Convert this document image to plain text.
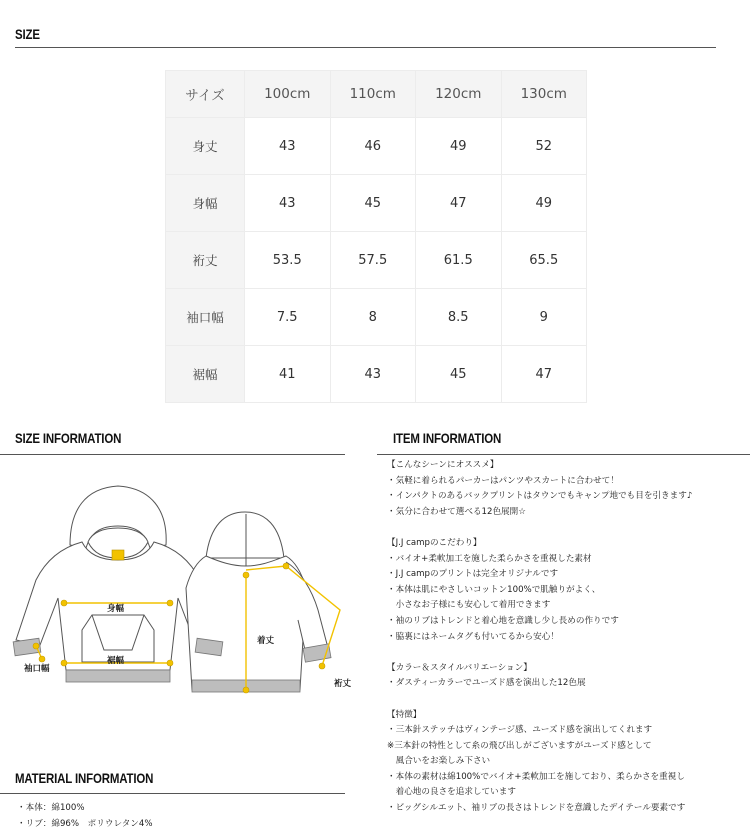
SIZE
サイズ	100cm	110cm	120cm	130cm
身丈	43	46	49	52
身幅	43	45	47	49
裄丈	53.5	57.5	61.5	65.5
袖口幅	7.5	8	8.5	9
裾幅	41	43	45	47
SIZE INFORMATION
身幅
裾幅
袖口幅
着丈
裄丈
ITEM INFORMATION
【こんなシーンにオススメ】
・気軽に着られるパーカーはパンツやスカートに合わせて！
・インパクトのあるバックプリントはタウンでもキャンプ地でも目を引きます♪
・気分に合わせて選べる12色展開☆
【J.J campのこだわり】
・バイオ+柔軟加工を施した柔らかさを重視した素材
・J.J campのプリントは完全オリジナルです
・本体は肌にやさしいコットン100%で肌触りがよく、
　小さなお子様にも安心して着用できます
・袖のリブはトレンドと着心地を意識し少し長めの作りです
・脇裏にはネームタグも付いてるから安心！
【カラー＆スタイルバリエーション】
・ダスティーカラーでユーズド感を演出した12色展
【特徴】
・三本針ステッチはヴィンテージ感、ユーズド感を演出してくれます
※三本針の特性として糸の飛び出しがございますがユーズド感として
　風合いをお楽しみ下さい
・本体の素材は綿100%でバイオ+柔軟加工を施しており、柔らかさを重視し
　着心地の良さを追求しています
・ビッグシルエット、袖リブの長さはトレンドを意識したデイテール要素です
MATERIAL INFORMATION
・本体：綿100%
・リブ：綿96%　ポリウレタン4%
